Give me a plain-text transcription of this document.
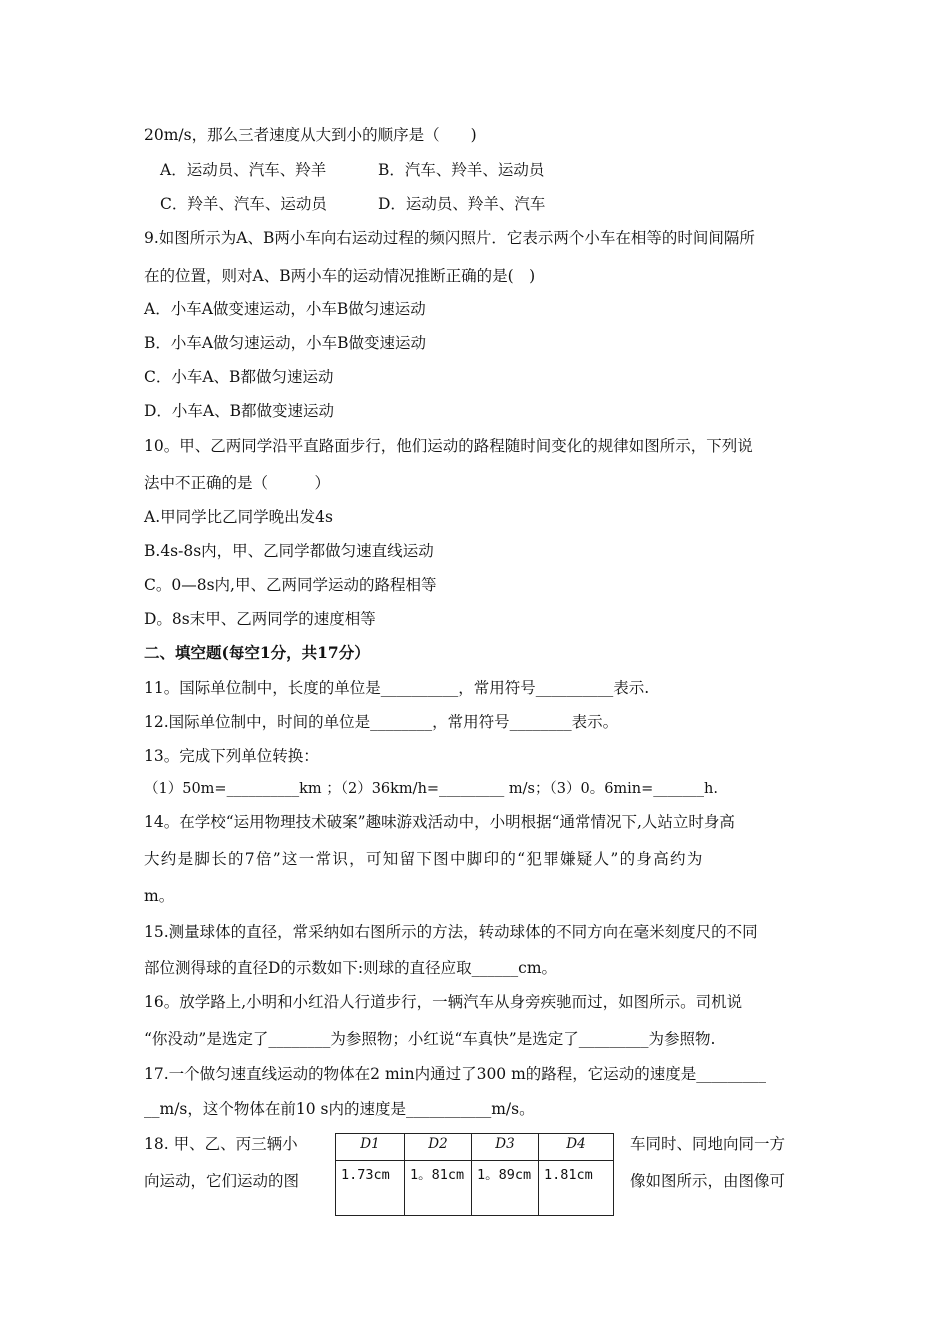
20m/s，那么三者速度从大到小的顺序是（　　)
A．运动员、汽车、羚羊	B．汽车、羚羊、运动员
C．羚羊、汽车、运动员	D．运动员、羚羊、汽车
9.如图所示为A、B两小车向右运动过程的频闪照片．它表示两个小车在相等的时间间隔所
在的位置，则对A、B两小车的运动情况推断正确的是(　)
A．小车A做变速运动，小车B做匀速运动
B．小车A做匀速运动，小车B做变速运动
C．小车A、B都做匀速运动
D．小车A、B都做变速运动
10。甲、乙两同学沿平直路面步行，他们运动的路程随时间变化的规律如图所示，下列说
法中不正确的是（　　　）
A.甲同学比乙同学晚出发4s
B.4s-8s内，甲、乙同学都做匀速直线运动
C。0—8s内,甲、乙两同学运动的路程相等
D。8s末甲、乙两同学的速度相等
二、填空题(每空1分，共17分）
11。国际单位制中，长度的单位是__________，常用符号__________表示.
12.国际单位制中，时间的单位是________，常用符号________表示。
13。完成下列单位转换：
（1）50m=__________km ；（2）36km/h=_________ m/s；（3）0。6min=_______h.
14。在学校“运用物理技术破案”趣味游戏活动中，小明根据“通常情况下,人站立时身高
大约是脚长的7倍”这一常识，可知留下图中脚印的“犯罪嫌疑人”的身高约为
m。
15.测量球体的直径，常采纳如右图所示的方法，转动球体的不同方向在毫米刻度尺的不同
部位测得球的直径D的示数如下:则球的直径应取______cm。
16。放学路上,小明和小红沿人行道步行，一辆汽车从身旁疾驰而过，如图所示。司机说
“你没动”是选定了________为参照物；小红说“车真快”是选定了_________为参照物.
17.一个做匀速直线运动的物体在2 min内通过了300 m的路程，它运动的速度是_________
__m/s，这个物体在前10 s内的速度是___________m/s。
18. 甲、乙、丙三辆小
向运动，它们运动的图
车同时、同地向同一方
像如图所示，由图像可
D1	D2	D3	D4
1.73cm	1。81cm	1。89cm	1.81cm
